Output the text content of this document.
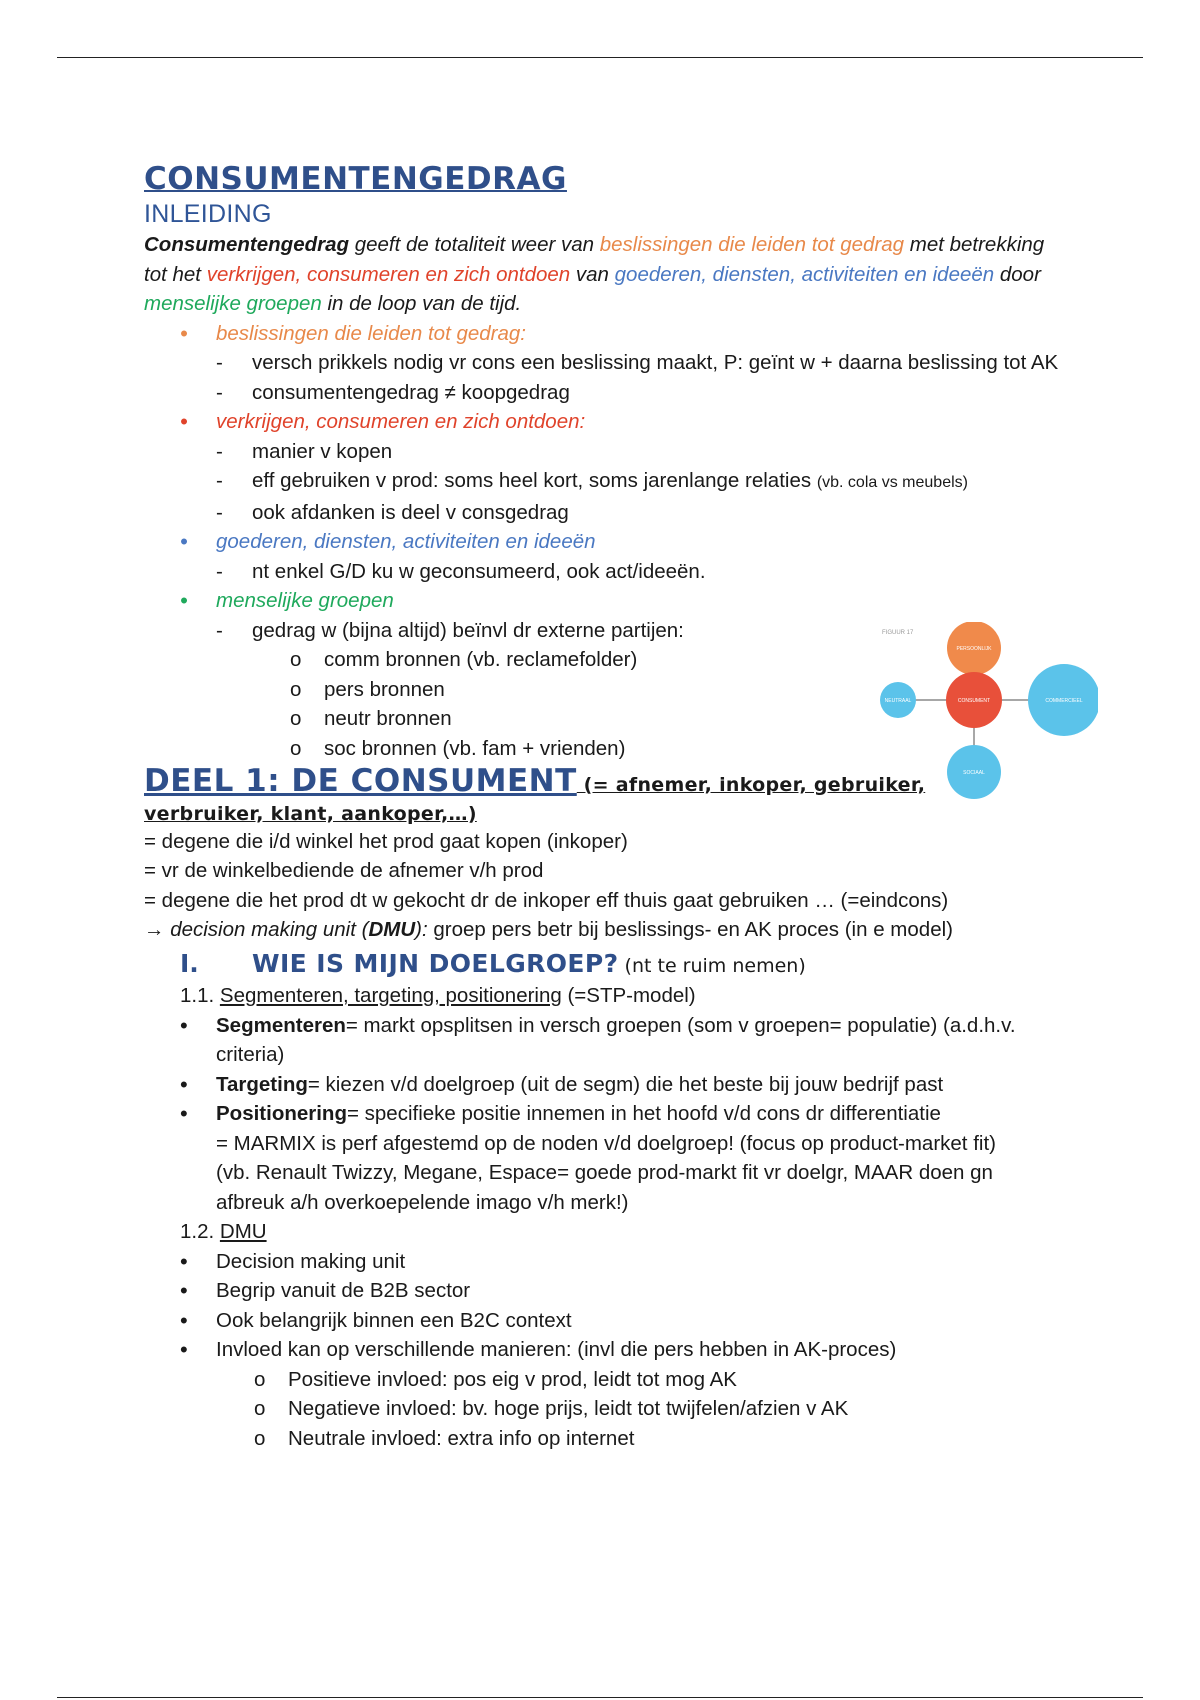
CONSUMENTENGEDRAG
INLEIDING
Consumentengedrag geeft de totaliteit weer van beslissingen die leiden tot gedrag met betrekking tot het verkrijgen, consumeren en zich ontdoen van goederen, diensten, activiteiten en ideeën door menselijke groepen in de loop van de tijd.
• beslissingen die leiden tot gedrag:
- versch prikkels nodig vr cons een beslissing maakt, P: geïnt w + daarna beslissing tot AK
- consumentengedrag ≠ koopgedrag
• verkrijgen, consumeren en zich ontdoen:
- manier v kopen
- eff gebruiken v prod: soms heel kort, soms jarenlange relaties (vb. cola vs meubels)
- ook afdanken is deel v consgedrag
• goederen, diensten, activiteiten en ideeën
- nt enkel G/D ku w geconsumeerd, ook act/ideeën.
• menselijke groepen
- gedrag w (bijna altijd) beïnvl dr externe partijen:
o comm bronnen (vb. reclamefolder)
o pers bronnen
o neutr bronnen
o soc bronnen (vb. fam + vrienden)
DEEL 1: DE CONSUMENT (= afnemer, inkoper, gebruiker,
verbruiker, klant, aankoper,…)
= degene die i/d winkel het prod gaat kopen (inkoper)
= vr de winkelbediende de afnemer v/h prod
= degene die het prod dt w gekocht dr de inkoper eff thuis gaat gebruiken … (=eindcons)
→ decision making unit (DMU): groep pers betr bij beslissings- en AK proces (in e model)
I. WIE IS MIJN DOELGROEP? (nt te ruim nemen)
1.1. Segmenteren, targeting, positionering (=STP-model)
• Segmenteren= markt opsplitsen in versch groepen (som v groepen= populatie) (a.d.h.v. criteria)
• Targeting= kiezen v/d doelgroep (uit de segm) die het beste bij jouw bedrijf past
• Positionering= specifieke positie innemen in het hoofd v/d cons dr differentiatie
= MARMIX is perf afgestemd op de noden v/d doelgroep! (focus op product-market fit)
(vb. Renault Twizzy, Megane, Espace= goede prod-markt fit vr doelgr, MAAR doen gn afbreuk a/h overkoepelende imago v/h merk!)
1.2. DMU
• Decision making unit
• Begrip vanuit de B2B sector
• Ook belangrijk binnen een B2C context
• Invloed kan op verschillende manieren: (invl die pers hebben in AK-proces)
o Positieve invloed: pos eig v prod, leidt tot mog AK
o Negatieve invloed: bv. hoge prijs, leidt tot twijfelen/afzien v AK
o Neutrale invloed: extra info op internet
FIGUUR 17
PERSOONLIJK
NEUTRAAL	COMMERCIEEL
SOCIAAL
CONSUMENT
